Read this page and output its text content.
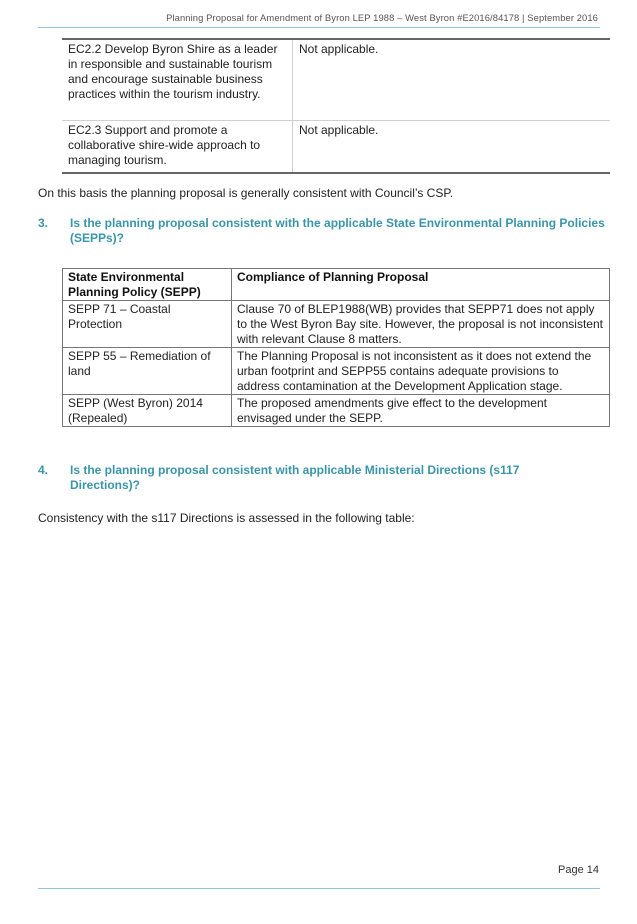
Planning Proposal for Amendment of Byron LEP 1988 – West Byron #E2016/84178 | September 2016
EC2.2 Develop Byron Shire as a leader in responsible and sustainable tourism and encourage sustainable business practices within the tourism industry.	Not applicable.
EC2.3 Support and promote a collaborative shire-wide approach to managing tourism.	Not applicable.

On this basis the planning proposal is generally consistent with Council’s CSP.

3. Is the planning proposal consistent with the applicable State Environmental Planning Policies (SEPPs)?

State Environmental Planning Policy (SEPP)	Compliance of Planning Proposal
SEPP 71 – Coastal Protection	Clause 70 of BLEP1988(WB) provides that SEPP71 does not apply to the West Byron Bay site. However, the proposal is not inconsistent with relevant Clause 8 matters.
SEPP 55 – Remediation of land	The Planning Proposal is not inconsistent as it does not extend the urban footprint and SEPP55 contains adequate provisions to address contamination at the Development Application stage.
SEPP (West Byron) 2014 (Repealed)	The proposed amendments give effect to the development envisaged under the SEPP.
4. Is the planning proposal consistent with applicable Ministerial Directions (s117 Directions)?

Consistency with the s117 Directions is assessed in the following table:

Page 14
